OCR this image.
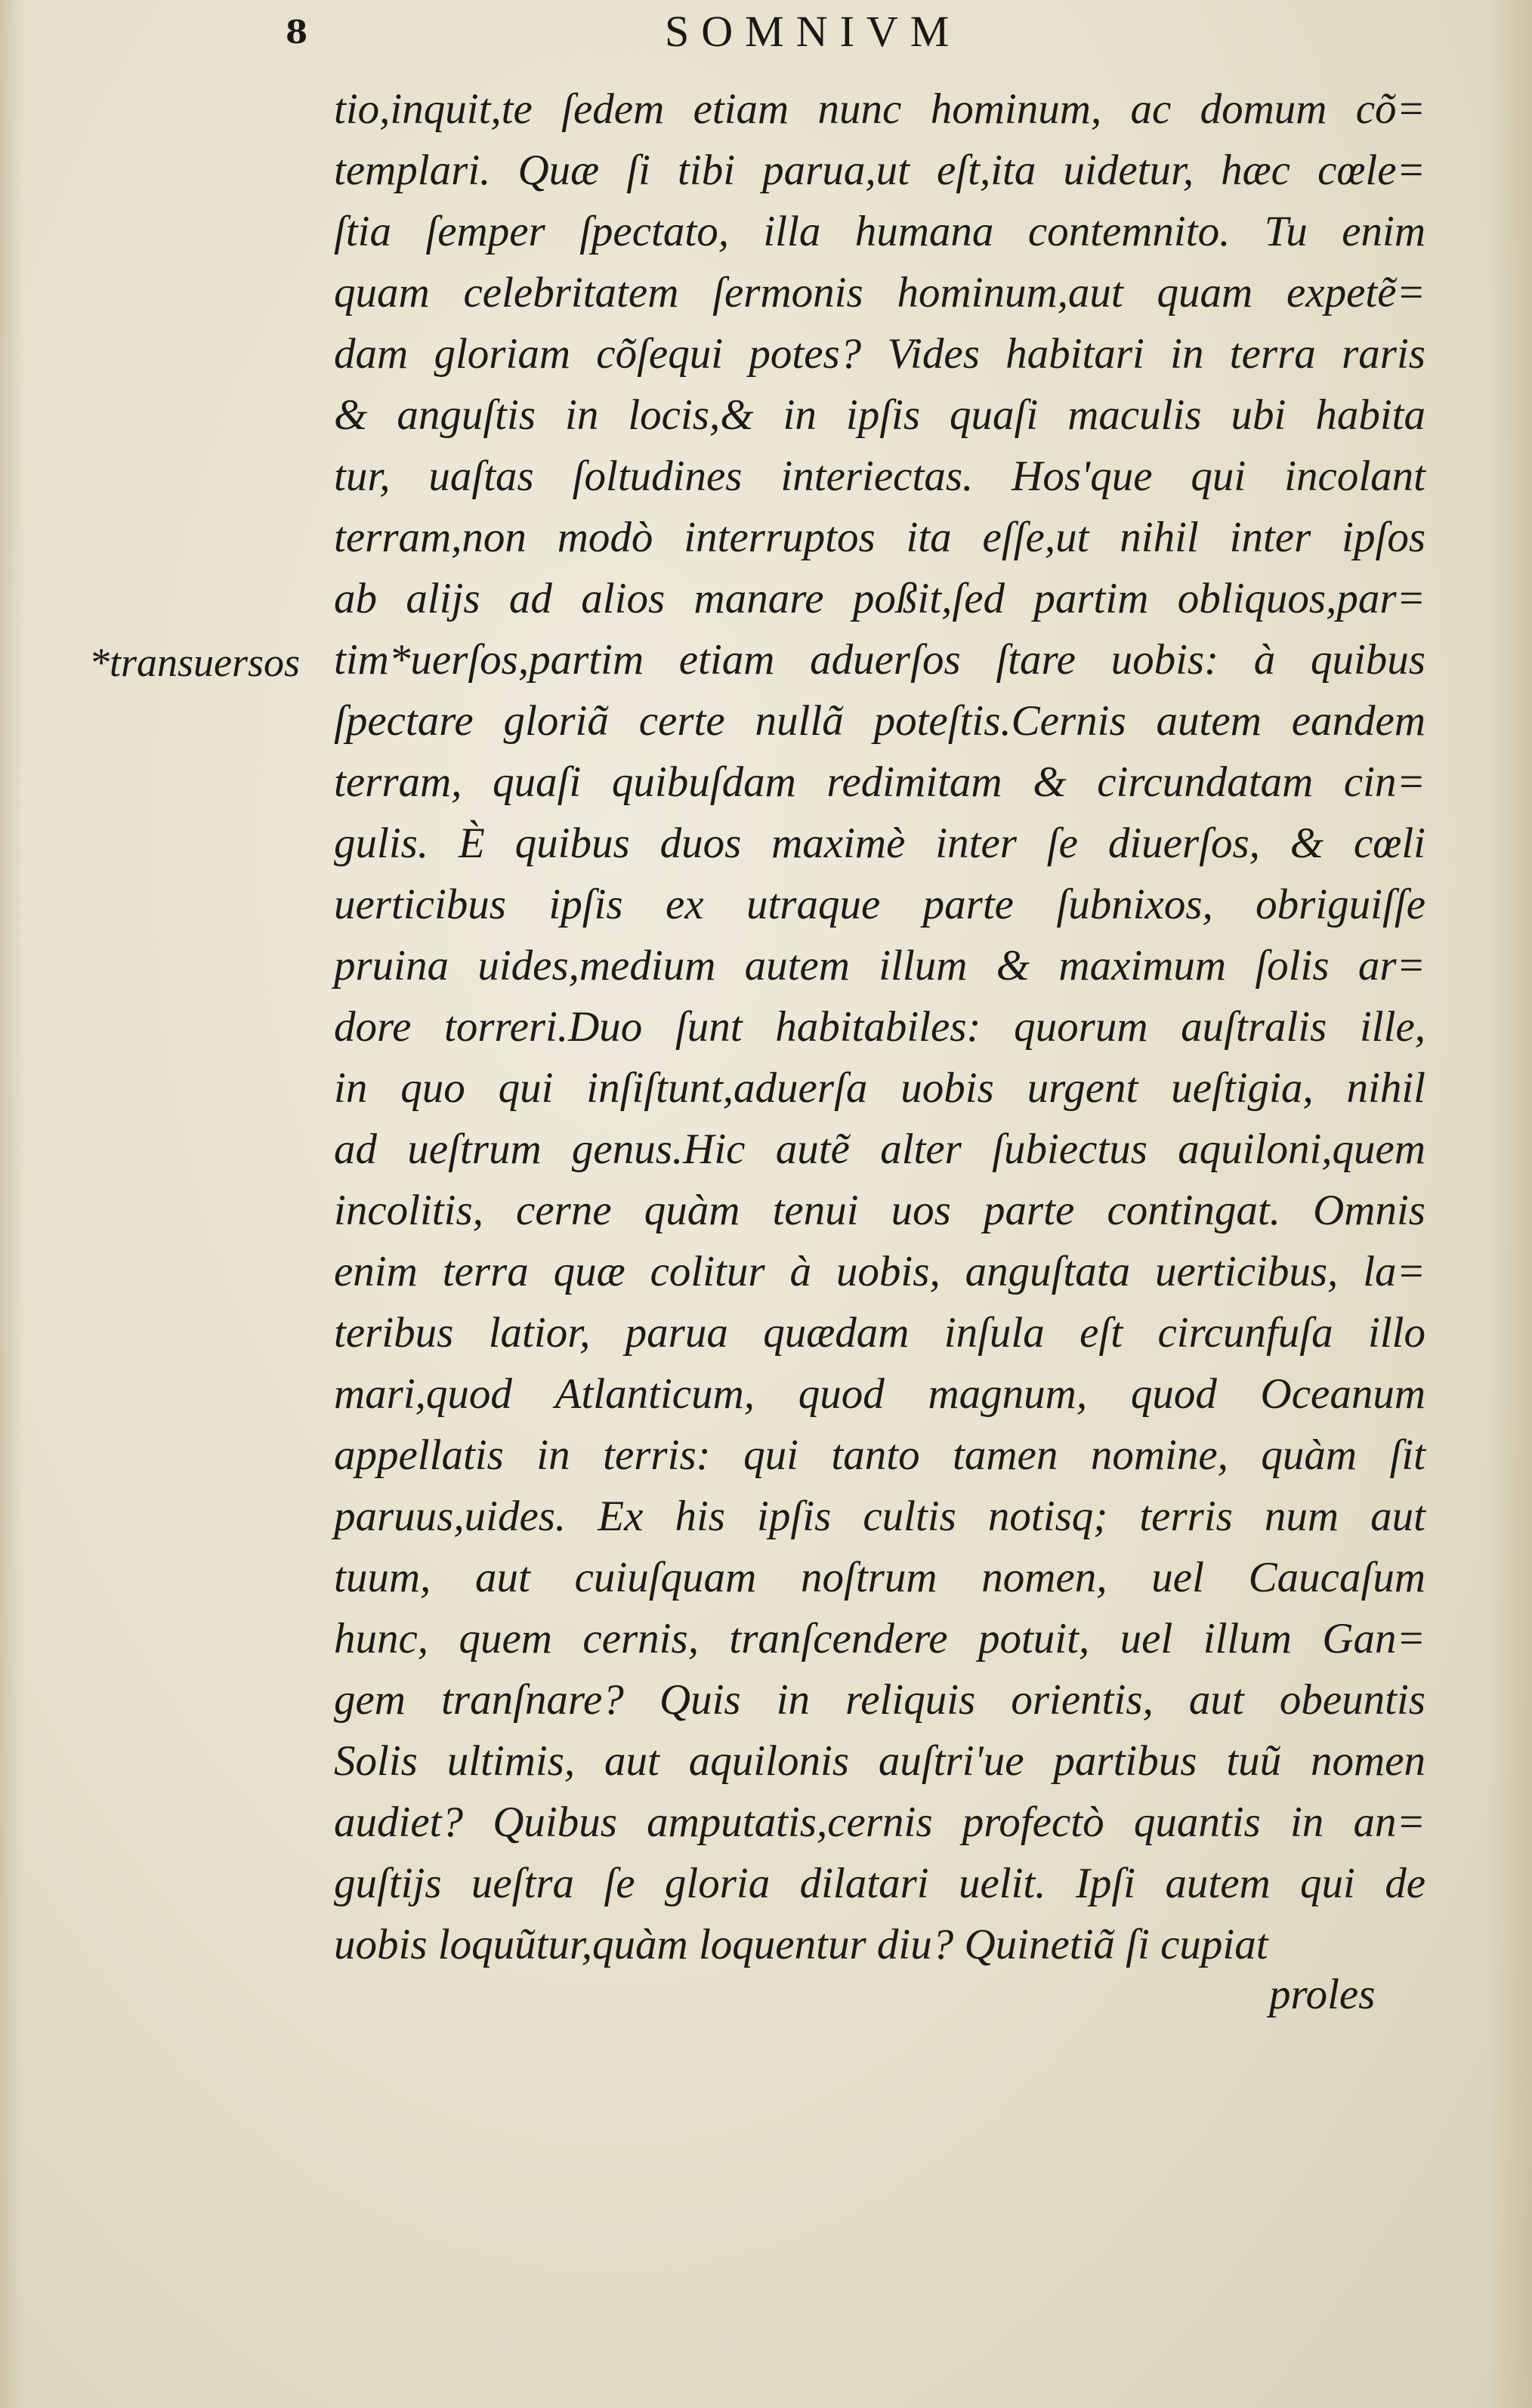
8	SOMNIVM
*transuersos
tio,inquit,te ſedem etiam nunc hominum, ac domum cõ=
templari. Quæ ſi tibi parua,ut eſt,ita uidetur, hæc cœle=
ſtia ſemper ſpectato, illa humana contemnito. Tu enim
quam celebritatem ſermonis hominum,aut quam expetẽ=
dam gloriam cõſequi potes? Vides habitari in terra raris
& anguſtis in locis,& in ipſis quaſi maculis ubi habita
tur, uaſtas ſoltudines interiectas. Hos'que qui incolant
terram,non modò interruptos ita eſſe,ut nihil inter ipſos
ab alijs ad alios manare poßit,ſed partim obliquos,par=
tim*uerſos,partim etiam aduerſos ſtare uobis: à quibus
ſpectare gloriã certe nullã poteſtis.Cernis autem eandem
terram, quaſi quibuſdam redimitam & circundatam cin=
gulis. È quibus duos maximè inter ſe diuerſos, & cœli
uerticibus ipſis ex utraque parte ſubnixos, obriguiſſe
pruina uides,medium autem illum & maximum ſolis ar=
dore torreri.Duo ſunt habitabiles: quorum auſtralis ille,
in quo qui inſiſtunt,aduerſa uobis urgent ueſtigia, nihil
ad ueſtrum genus.Hic autẽ alter ſubiectus aquiloni,quem
incolitis, cerne quàm tenui uos parte contingat. Omnis
enim terra quæ colitur à uobis, anguſtata uerticibus, la=
teribus latior, parua quædam inſula eſt circunfuſa illo
mari,quod Atlanticum, quod magnum, quod Oceanum
appellatis in terris: qui tanto tamen nomine, quàm ſit
paruus,uides. Ex his ipſis cultis notisq; terris num aut
tuum, aut cuiuſquam noſtrum nomen, uel Caucaſum
hunc, quem cernis, tranſcendere potuit, uel illum Gan=
gem tranſnare? Quis in reliquis orientis, aut obeuntis
Solis ultimis, aut aquilonis auſtri'ue partibus tuũ nomen
audiet? Quibus amputatis,cernis profectò quantis in an=
guſtijs ueſtra ſe gloria dilatari uelit. Ipſi autem qui de
uobis loquũtur,quàm loquentur diu? Quinetiã ſi cupiat
proles
